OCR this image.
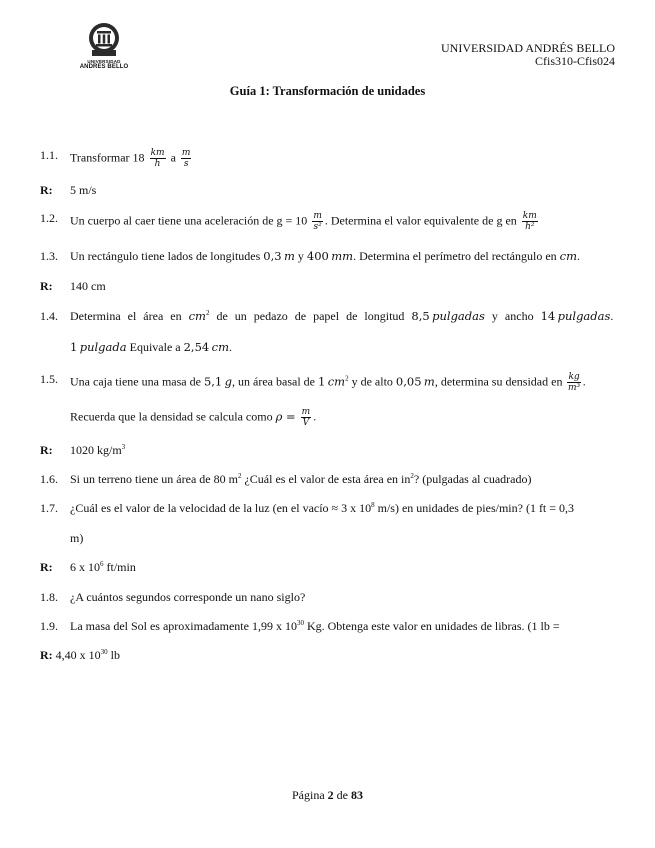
UNIVERSIDAD
ANDRES BELLO
UNIVERSIDAD ANDRÉS BELLO
Cfis310-Cfis024
Guía 1: Transformación de unidades
1.1. Transformar $18 \frac{km}{h}$ a $\frac{m}{s}$
R: 5 m/s
1.2. Un cuerpo al caer tiene una aceleración de $g = 10 \frac{m}{\text{s²}}$ . Determina el valor equivalente de g en $\frac{km}{\text{h²}}$
1.3. Un rectángulo tiene lados de longitudes 0,3  m y 400  mm. Determina el perímetro del rectángulo en cm.
R: 140 cm
1.4. Determina el área en $cm^2$ de un pedazo de papel de longitud 8,5  pulgadas y ancho 14  pulgadas.
1  pulgada Equivale a 2,54  cm.
1.5. Una caja tiene una masa de 5,1  g, un área basal de 1  $cm^2$ y de alto 0,05  m, determina su densidad en $\frac{kg}{\text{m³}}$ .
Recuerda que la densidad se calcula como $\rho = \frac{m}{V}$ .
R: 1020 $kg/m^3$
1.6. Si un terreno tiene un área de 80 $m^2$ ¿Cuál es el valor de esta área en $in^2$? (pulgadas al cuadrado)
1.7. ¿Cuál es el valor de la velocidad de la luz (en el vacío ≈ 3 x $10^8$ m/s) en unidades de pies/min? (1 ft = 0,3
m)
R: 6 x $10^6$ ft/min
1.8. ¿A cuántos segundos corresponde un nano siglo?
1.9. La masa del Sol es aproximadamente 1,99 x $10^{30}$ Kg. Obtenga este valor en unidades de libras. (1 lb =
R: 4,40 x $10^{30}$ lb
Página 2 de 83
